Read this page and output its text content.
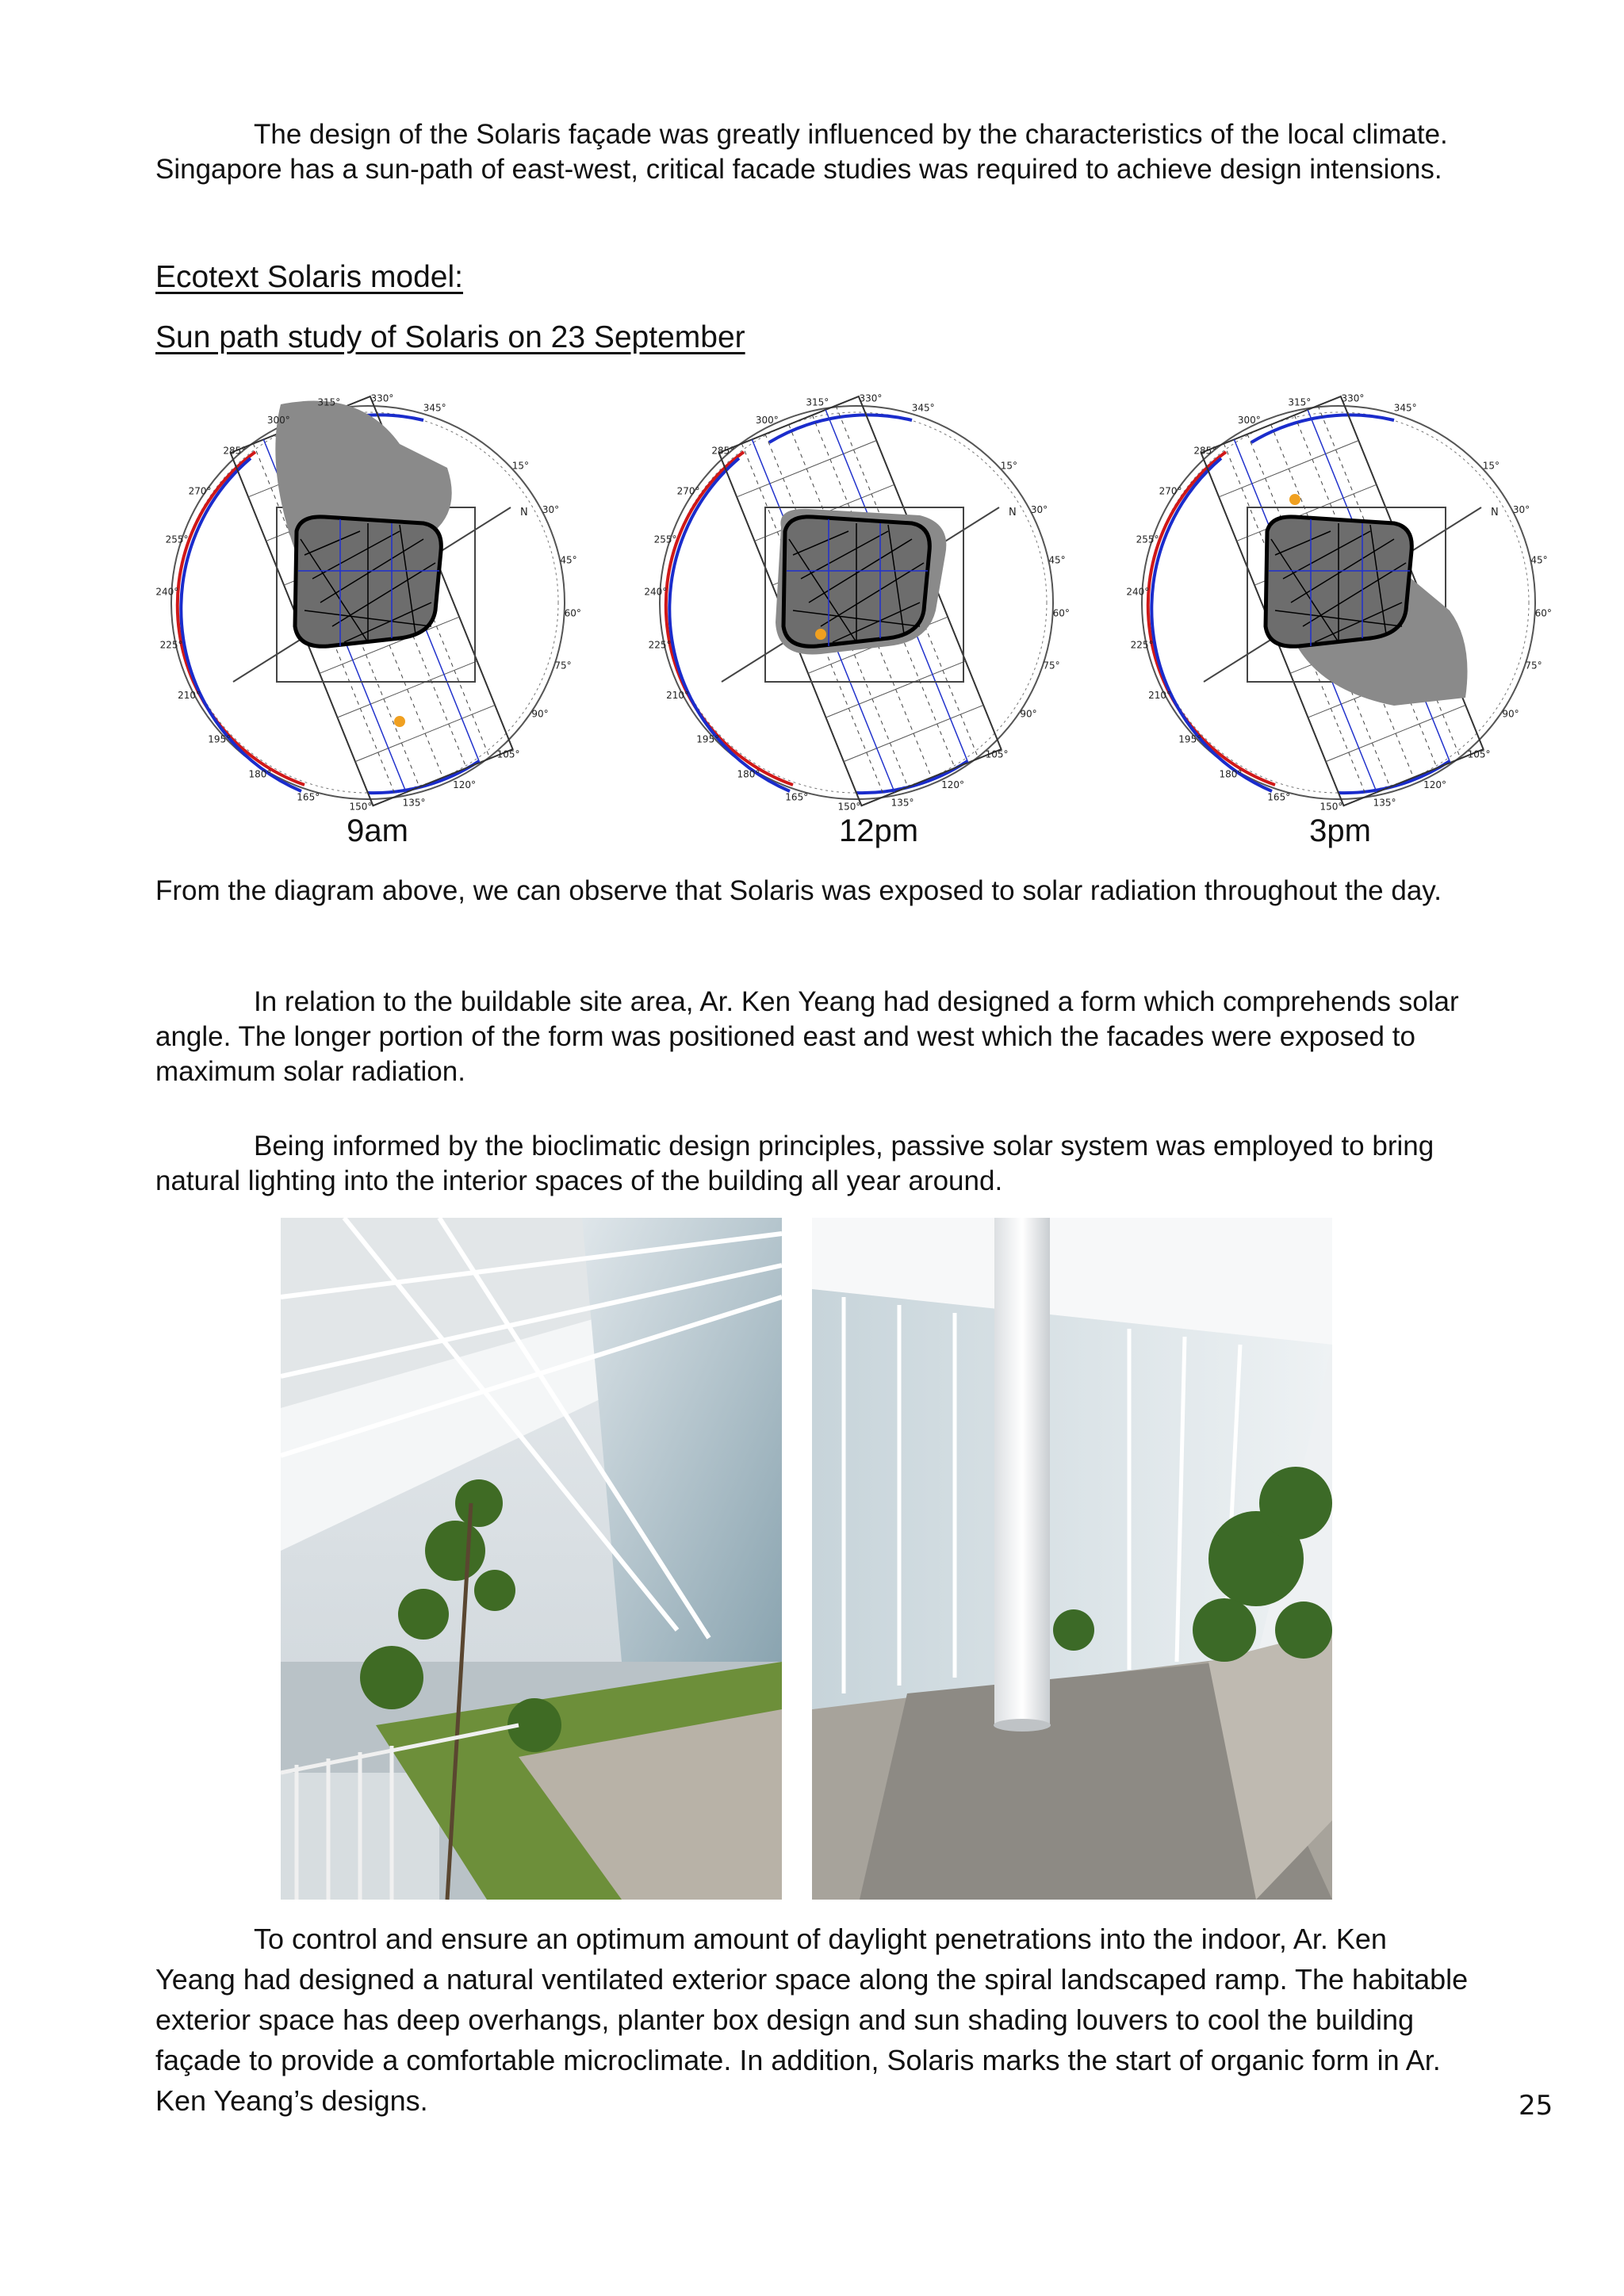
The design of the Solaris façade was greatly influenced by the characteristics of the local climate. Singapore has a sun-path of east-west, critical facade studies was required to achieve design intensions.

Ecotext Solaris model:
Sun path study of Solaris on 23 September
N
345°
330°
315°
300°
285°
270°
255°
240°
225°
210°
195°
180°
165°
150°	135°
120°
105°
90°
75°
60°
45°
30°
15°
N
345°
330°
315°
300°
285°
270°
255°
240°
225°
210°
195°
180°
165°
150°	135°
120°
105°
90°
75°
60°
45°
30°
15°
N
345°
330°
315°
300°
285°
270°
255°
240°
225°
210°
195°
180°
165°
150°	135°
120°
105°
90°
75°
60°
45°
30°
15°
9am	12pm	3pm

From the diagram above, we can observe that Solaris was exposed to solar radiation throughout the day.

In relation to the buildable site area, Ar. Ken Yeang had designed a form which comprehends solar angle. The longer portion of the form was positioned east and west which the facades were exposed to maximum solar radiation.

Being informed by the bioclimatic design principles, passive solar system was employed to bring natural lighting into the interior spaces of the building all year around.

To control and ensure an optimum amount of daylight penetrations into the indoor, Ar. Ken Yeang had designed a natural ventilated exterior space along the spiral landscaped ramp. The habitable exterior space has deep overhangs, planter box design and sun shading louvers to cool the building façade to provide a comfortable microclimate. In addition, Solaris marks the start of organic form in Ar. Ken Yeang’s designs.	25
